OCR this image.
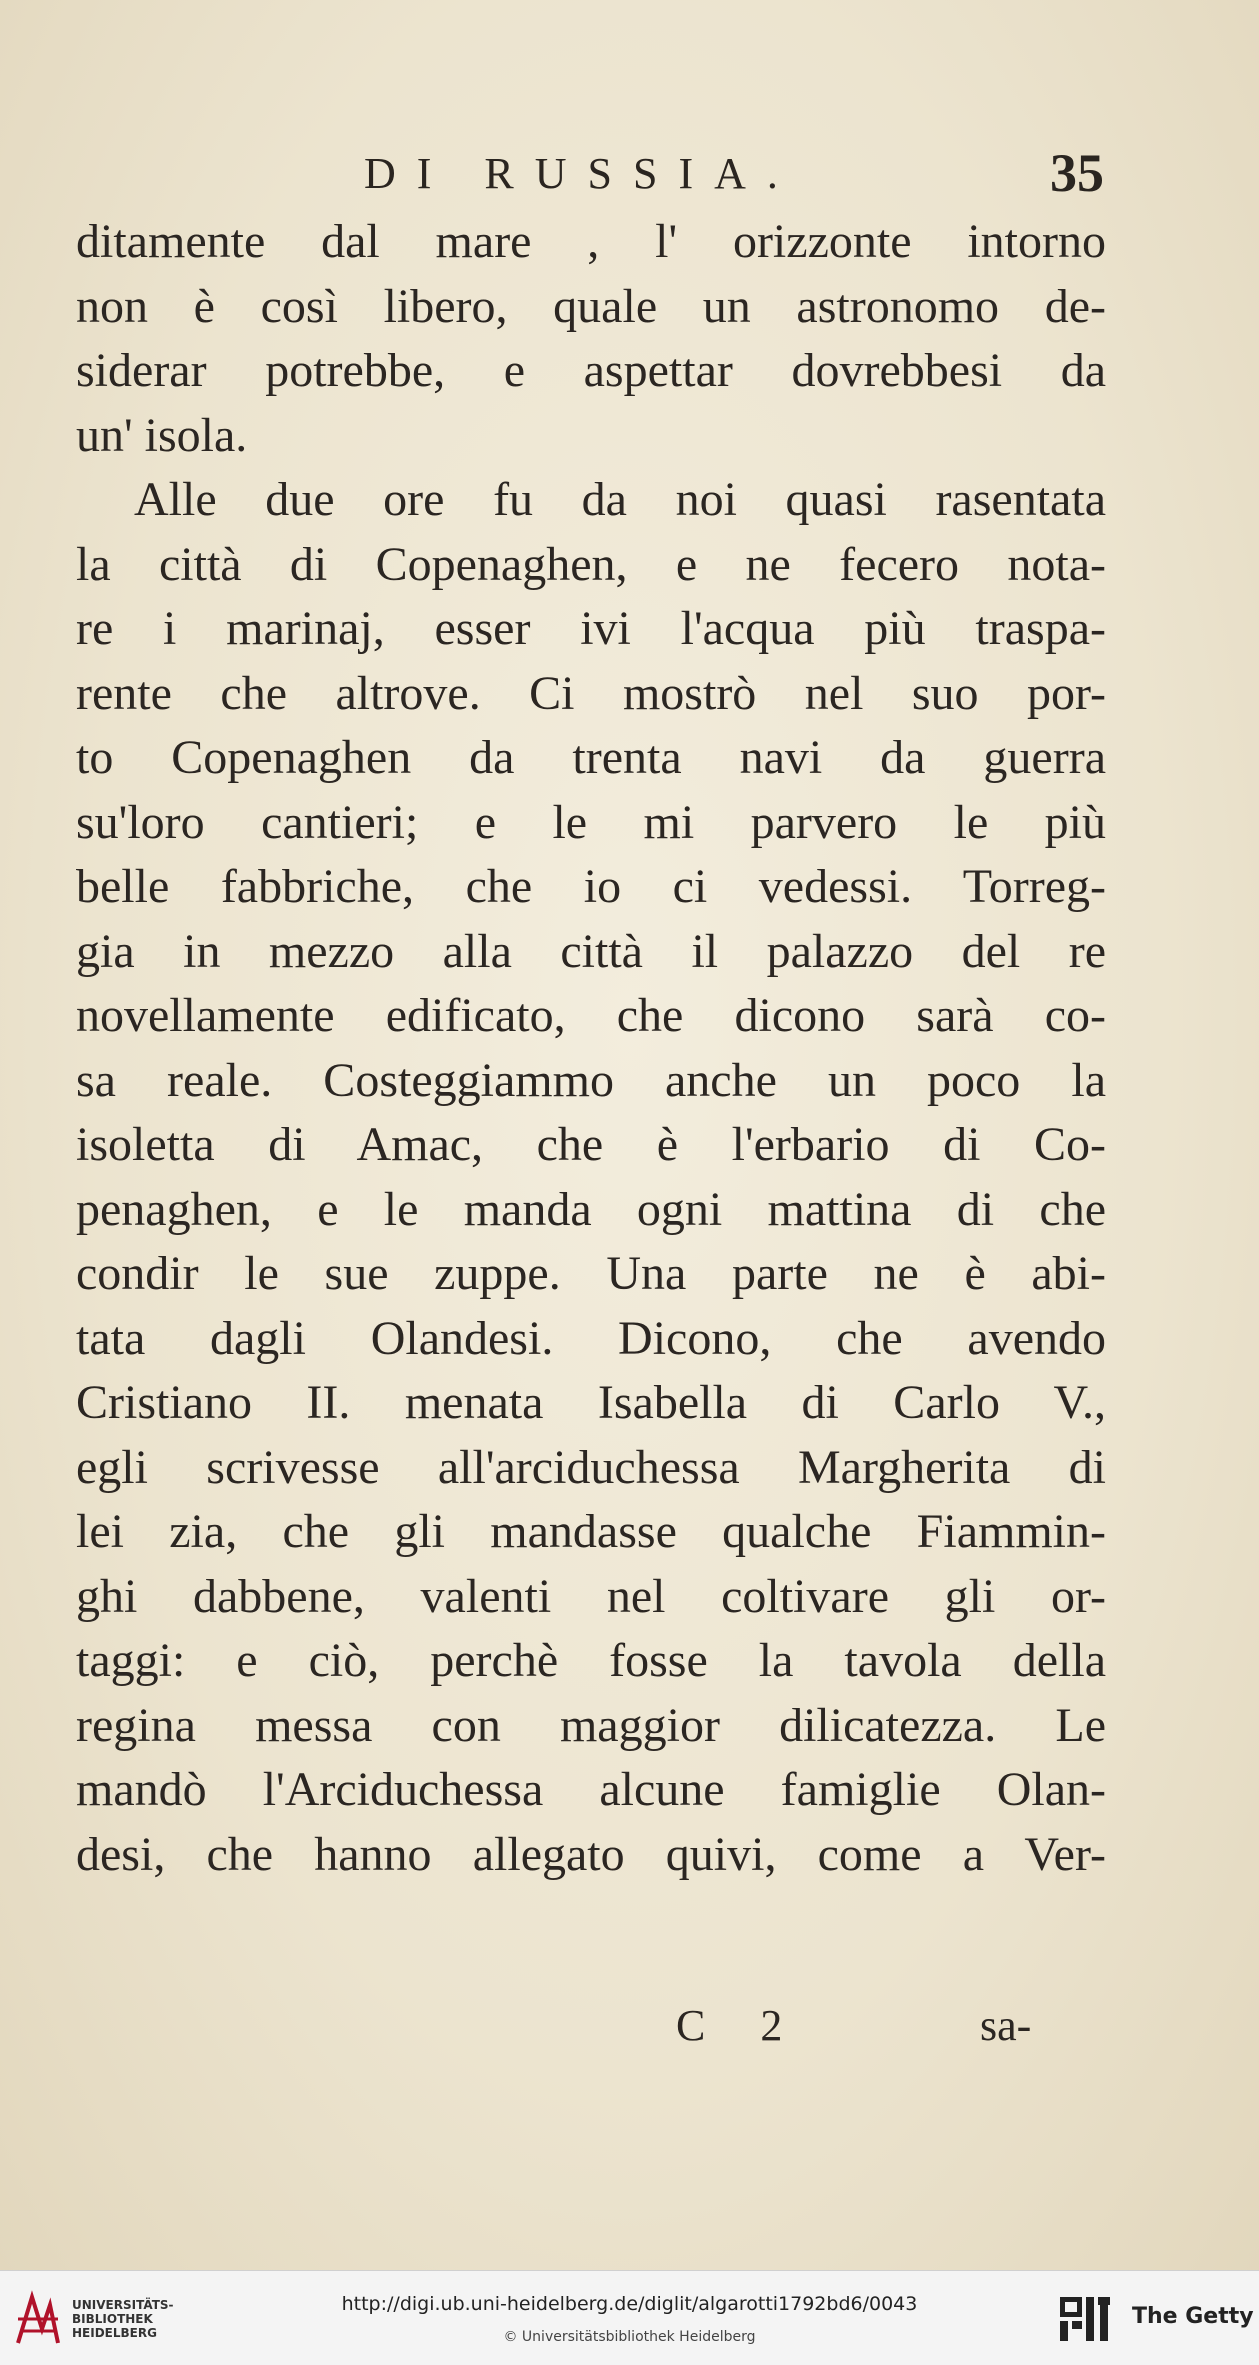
DI RUSSIA.	35
ditamente dal mare , l' orizzonte intorno
non è così libero, quale un astronomo de-
siderar potrebbe, e aspettar dovrebbesi da
un' isola.
Alle due ore fu da noi quasi rasentata
la città di Copenaghen, e ne fecero nota-
re i marinaj, esser ivi l'acqua più traspa-
rente che altrove. Ci mostrò nel suo por-
to Copenaghen da trenta navi da guerra
su'loro cantieri; e le mi parvero le più
belle fabbriche, che io ci vedessi. Torreg-
gia in mezzo alla città il palazzo del re
novellamente edificato, che dicono sarà co-
sa reale. Costeggiammo anche un poco la
isoletta di Amac, che è l'erbario di Co-
penaghen, e le manda ogni mattina di che
condir le sue zuppe. Una parte ne è abi-
tata dagli Olandesi. Dicono, che avendo
Cristiano II. menata Isabella di Carlo V.,
egli scrivesse all'arciduchessa Margherita di
lei zia, che gli mandasse qualche Fiammin-
ghi dabbene, valenti nel coltivare gli or-
taggi: e ciò, perchè fosse la tavola della
regina messa con maggior dilicatezza. Le
mandò l'Arciduchessa alcune famiglie Olan-
desi, che hanno allegato quivi, come a Ver-
C 2	sa-
UNIVERSITÄTS-
BIBLIOTHEK
HEIDELBERG
http://digi.ub.uni-heidelberg.de/diglit/algarotti1792bd6/0043
© Universitätsbibliothek Heidelberg
The Getty
